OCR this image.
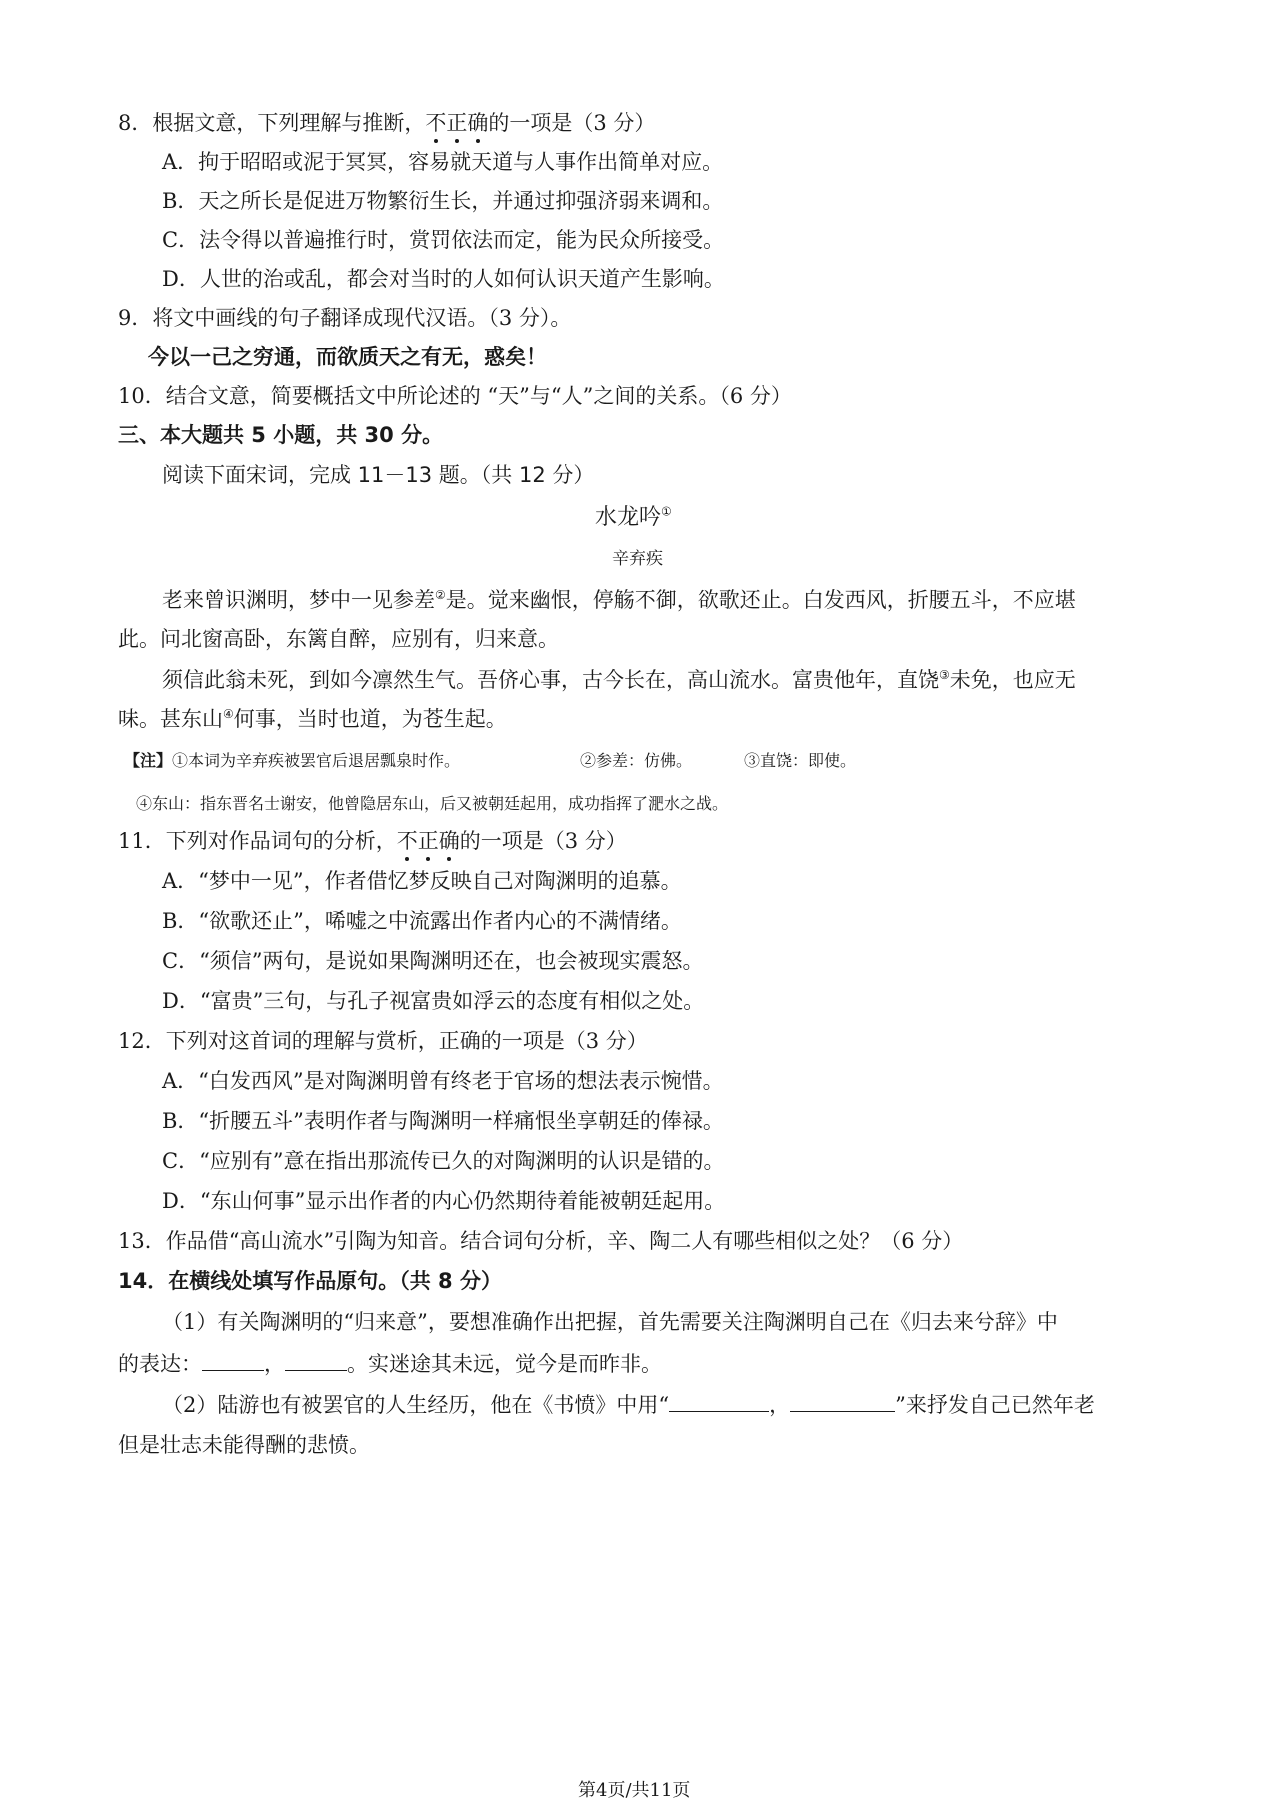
8．根据文意，下列理解与推断，不正确的一项是（3 分）
A．拘于昭昭或泥于冥冥，容易就天道与人事作出简单对应。
B．天之所长是促进万物繁衍生长，并通过抑强济弱来调和。
C．法令得以普遍推行时，赏罚依法而定，能为民众所接受。
D．人世的治或乱，都会对当时的人如何认识天道产生影响。
9．将文中画线的句子翻译成现代汉语。（3 分）。
今以一己之穷通，而欲质天之有无，惑矣！
10．结合文意，简要概括文中所论述的 “天”与“人”之间的关系。（6 分）
三、本大题共 5 小题，共 30 分。
阅读下面宋词，完成 11－13 题。（共 12 分）
水龙吟①
辛弃疾
老来曾识渊明，梦中一见参差②是。觉来幽恨，停觞不御，欲歌还止。白发西风，折腰五斗，不应堪
此。问北窗高卧，东篱自醉，应别有，归来意。
须信此翁未死，到如今凛然生气。吾侪心事，古今长在，高山流水。富贵他年，直饶③未免，也应无
味。甚东山④何事，当时也道，为苍生起。
【注】①本词为辛弃疾被罢官后退居瓢泉时作。	②参差：仿佛。	③直饶：即使。
④东山：指东晋名士谢安，他曾隐居东山，后又被朝廷起用，成功指挥了淝水之战。
11．下列对作品词句的分析，不正确的一项是（3 分）
A．“梦中一见”，作者借忆梦反映自己对陶渊明的追慕。
B．“欲歌还止”，唏嘘之中流露出作者内心的不满情绪。
C．“须信”两句，是说如果陶渊明还在，也会被现实震怒。
D．“富贵”三句，与孔子视富贵如浮云的态度有相似之处。
12．下列对这首词的理解与赏析，正确的一项是（3 分）
A．“白发西风”是对陶渊明曾有终老于官场的想法表示惋惜。
B．“折腰五斗”表明作者与陶渊明一样痛恨坐享朝廷的俸禄。
C．“应别有”意在指出那流传已久的对陶渊明的认识是错的。
D．“东山何事”显示出作者的内心仍然期待着能被朝廷起用。
13．作品借“高山流水”引陶为知音。结合词句分析，辛、陶二人有哪些相似之处？（6 分）
14．在横线处填写作品原句。（共 8 分）
（1）有关陶渊明的“归来意”，要想准确作出把握，首先需要关注陶渊明自己在《归去来兮辞》中
的表达：	，	。实迷途其未远，觉今是而昨非。
（2）陆游也有被罢官的人生经历，他在《书愤》中用“	，	”来抒发自己已然年老
但是壮志未能得酬的悲愤。
第4页/共11页
